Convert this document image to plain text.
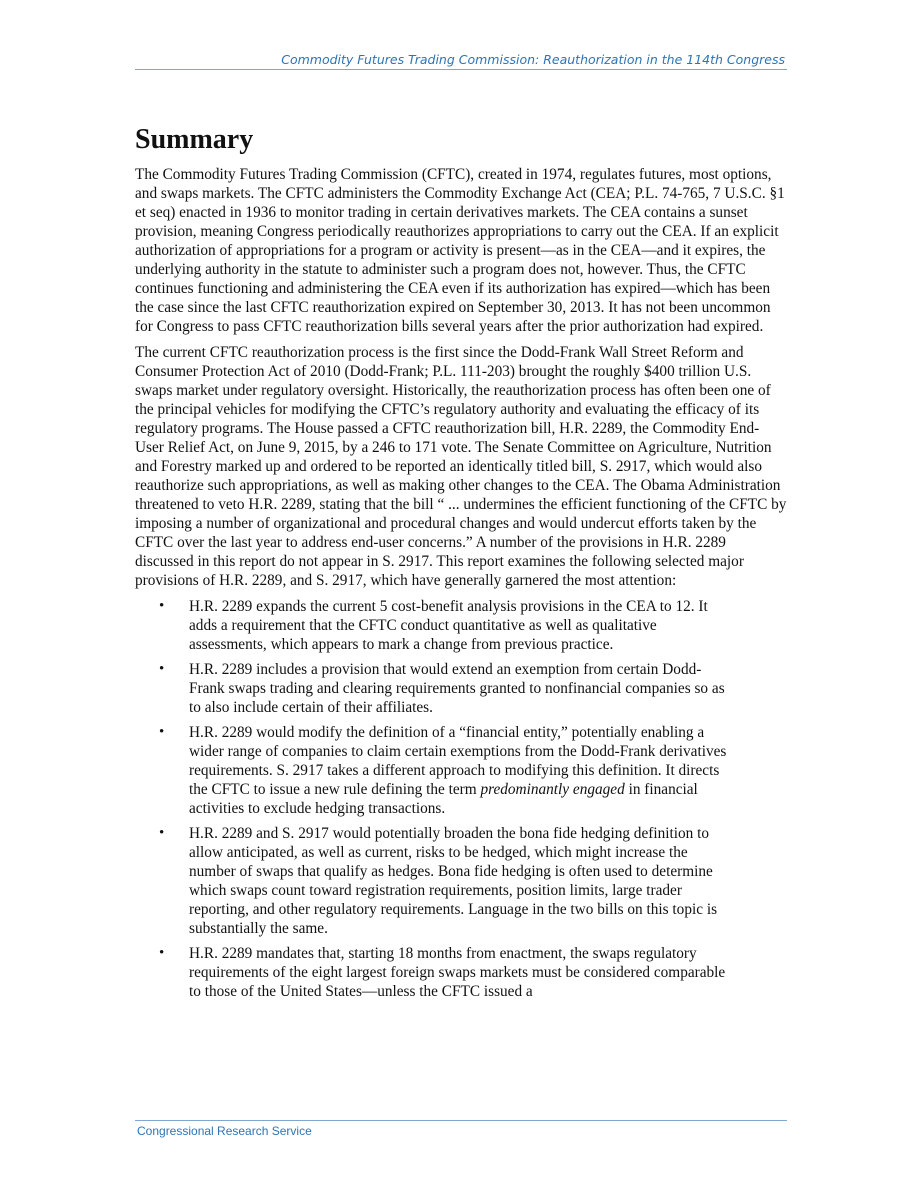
Commodity Futures Trading Commission: Reauthorization in the 114th Congress
Summary

The Commodity Futures Trading Commission (CFTC), created in 1974, regulates futures, most options, and swaps markets. The CFTC administers the Commodity Exchange Act (CEA; P.L. 74-765, 7 U.S.C. §1 et seq) enacted in 1936 to monitor trading in certain derivatives markets. The CEA contains a sunset provision, meaning Congress periodically reauthorizes appropriations to carry out the CEA. If an explicit authorization of appropriations for a program or activity is present—as in the CEA—and it expires, the underlying authority in the statute to administer such a program does not, however. Thus, the CFTC continues functioning and administering the CEA even if its authorization has expired—which has been the case since the last CFTC reauthorization expired on September 30, 2013. It has not been uncommon for Congress to pass CFTC reauthorization bills several years after the prior authorization had expired.

The current CFTC reauthorization process is the first since the Dodd-Frank Wall Street Reform and Consumer Protection Act of 2010 (Dodd-Frank; P.L. 111-203) brought the roughly $400 trillion U.S. swaps market under regulatory oversight. Historically, the reauthorization process has often been one of the principal vehicles for modifying the CFTC’s regulatory authority and evaluating the efficacy of its regulatory programs. The House passed a CFTC reauthorization bill, H.R. 2289, the Commodity End-User Relief Act, on June 9, 2015, by a 246 to 171 vote. The Senate Committee on Agriculture, Nutrition and Forestry marked up and ordered to be reported an identically titled bill, S. 2917, which would also reauthorize such appropriations, as well as making other changes to the CEA. The Obama Administration threatened to veto H.R. 2289, stating that the bill “ ... undermines the efficient functioning of the CFTC by imposing a number of organizational and procedural changes and would undercut efforts taken by the CFTC over the last year to address end-user concerns.” A number of the provisions in H.R. 2289 discussed in this report do not appear in S. 2917. This report examines the following selected major provisions of H.R. 2289, and S. 2917, which have generally garnered the most attention:

• H.R. 2289 expands the current 5 cost-benefit analysis provisions in the CEA to 12. It adds a requirement that the CFTC conduct quantitative as well as qualitative assessments, which appears to mark a change from previous practice.
• H.R. 2289 includes a provision that would extend an exemption from certain Dodd-Frank swaps trading and clearing requirements granted to nonfinancial companies so as to also include certain of their affiliates.
• H.R. 2289 would modify the definition of a “financial entity,” potentially enabling a wider range of companies to claim certain exemptions from the Dodd-Frank derivatives requirements. S. 2917 takes a different approach to modifying this definition. It directs the CFTC to issue a new rule defining the term predominantly engaged in financial activities to exclude hedging transactions.
• H.R. 2289 and S. 2917 would potentially broaden the bona fide hedging definition to allow anticipated, as well as current, risks to be hedged, which might increase the number of swaps that qualify as hedges. Bona fide hedging is often used to determine which swaps count toward registration requirements, position limits, large trader reporting, and other regulatory requirements. Language in the two bills on this topic is substantially the same.
• H.R. 2289 mandates that, starting 18 months from enactment, the swaps regulatory requirements of the eight largest foreign swaps markets must be considered comparable to those of the United States—unless the CFTC issued a
Congressional Research Service
